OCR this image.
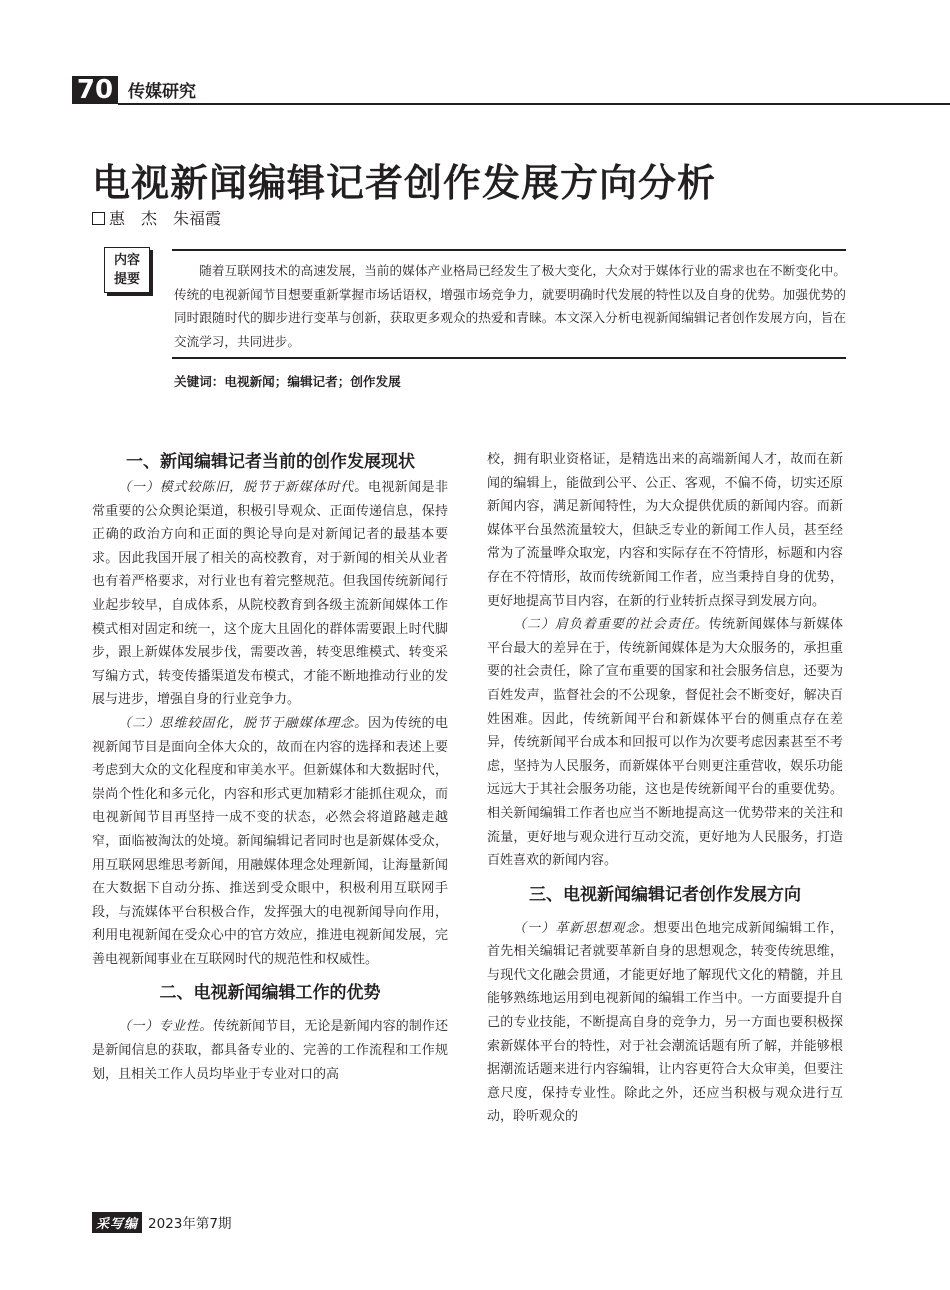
70 传媒研究
电视新闻编辑记者创作发展方向分析
惠　杰　朱福霞
内容
提要

随着互联网技术的高速发展，当前的媒体产业格局已经发生了极大变化，大众对于媒体行业的需求也在不断变化中。传统的电视新闻节目想要重新掌握市场话语权，增强市场竞争力，就要明确时代发展的特性以及自身的优势。加强优势的同时跟随时代的脚步进行变革与创新，获取更多观众的热爱和青睐。本文深入分析电视新闻编辑记者创作发展方向，旨在交流学习，共同进步。

关键词：电视新闻；编辑记者；创作发展
一、新闻编辑记者当前的创作发展现状

（一）模式较陈旧，脱节于新媒体时代。电视新闻是非常重要的公众舆论渠道，积极引导观众、正面传递信息，保持正确的政治方向和正面的舆论导向是对新闻记者的最基本要求。因此我国开展了相关的高校教育，对于新闻的相关从业者也有着严格要求，对行业也有着完整规范。但我国传统新闻行业起步较早，自成体系，从院校教育到各级主流新闻媒体工作模式相对固定和统一，这个庞大且固化的群体需要跟上时代脚步，跟上新媒体发展步伐，需要改善，转变思维模式、转变采写编方式，转变传播渠道发布模式，才能不断地推动行业的发展与进步，增强自身的行业竞争力。

（二）思维较固化，脱节于融媒体理念。因为传统的电视新闻节目是面向全体大众的，故而在内容的选择和表述上要考虑到大众的文化程度和审美水平。但新媒体和大数据时代，崇尚个性化和多元化，内容和形式更加精彩才能抓住观众，而电视新闻节目再坚持一成不变的状态，必然会将道路越走越窄，面临被淘汰的处境。新闻编辑记者同时也是新媒体受众，用互联网思维思考新闻，用融媒体理念处理新闻，让海量新闻在大数据下自动分拣、推送到受众眼中，积极利用互联网手段，与流媒体平台积极合作，发挥强大的电视新闻导向作用，利用电视新闻在受众心中的官方效应，推进电视新闻发展，完善电视新闻事业在互联网时代的规范性和权威性。

二、电视新闻编辑工作的优势

（一）专业性。传统新闻节目，无论是新闻内容的制作还是新闻信息的获取，都具备专业的、完善的工作流程和工作规划，且相关工作人员均毕业于专业对口的高

校，拥有职业资格证，是精选出来的高端新闻人才，故而在新闻的编辑上，能做到公平、公正、客观，不偏不倚，切实还原新闻内容，满足新闻特性，为大众提供优质的新闻内容。而新媒体平台虽然流量较大，但缺乏专业的新闻工作人员，甚至经常为了流量哗众取宠，内容和实际存在不符情形，标题和内容存在不符情形，故而传统新闻工作者，应当秉持自身的优势，更好地提高节目内容，在新的行业转折点探寻到发展方向。

（二）肩负着重要的社会责任。传统新闻媒体与新媒体平台最大的差异在于，传统新闻媒体是为大众服务的，承担重要的社会责任，除了宣布重要的国家和社会服务信息，还要为百姓发声，监督社会的不公现象，督促社会不断变好，解决百姓困难。因此，传统新闻平台和新媒体平台的侧重点存在差异，传统新闻平台成本和回报可以作为次要考虑因素甚至不考虑，坚持为人民服务，而新媒体平台则更注重营收，娱乐功能远远大于其社会服务功能，这也是传统新闻平台的重要优势。相关新闻编辑工作者也应当不断地提高这一优势带来的关注和流量，更好地与观众进行互动交流，更好地为人民服务，打造百姓喜欢的新闻内容。

三、电视新闻编辑记者创作发展方向

（一）革新思想观念。想要出色地完成新闻编辑工作，首先相关编辑记者就要革新自身的思想观念，转变传统思维，与现代文化融会贯通，才能更好地了解现代文化的精髓，并且能够熟练地运用到电视新闻的编辑工作当中。一方面要提升自己的专业技能，不断提高自身的竞争力，另一方面也要积极探索新媒体平台的特性，对于社会潮流话题有所了解，并能够根据潮流话题来进行内容编辑，让内容更符合大众审美，但要注意尺度，保持专业性。除此之外，还应当积极与观众进行互动，聆听观众的

采写编 2023年第7期
